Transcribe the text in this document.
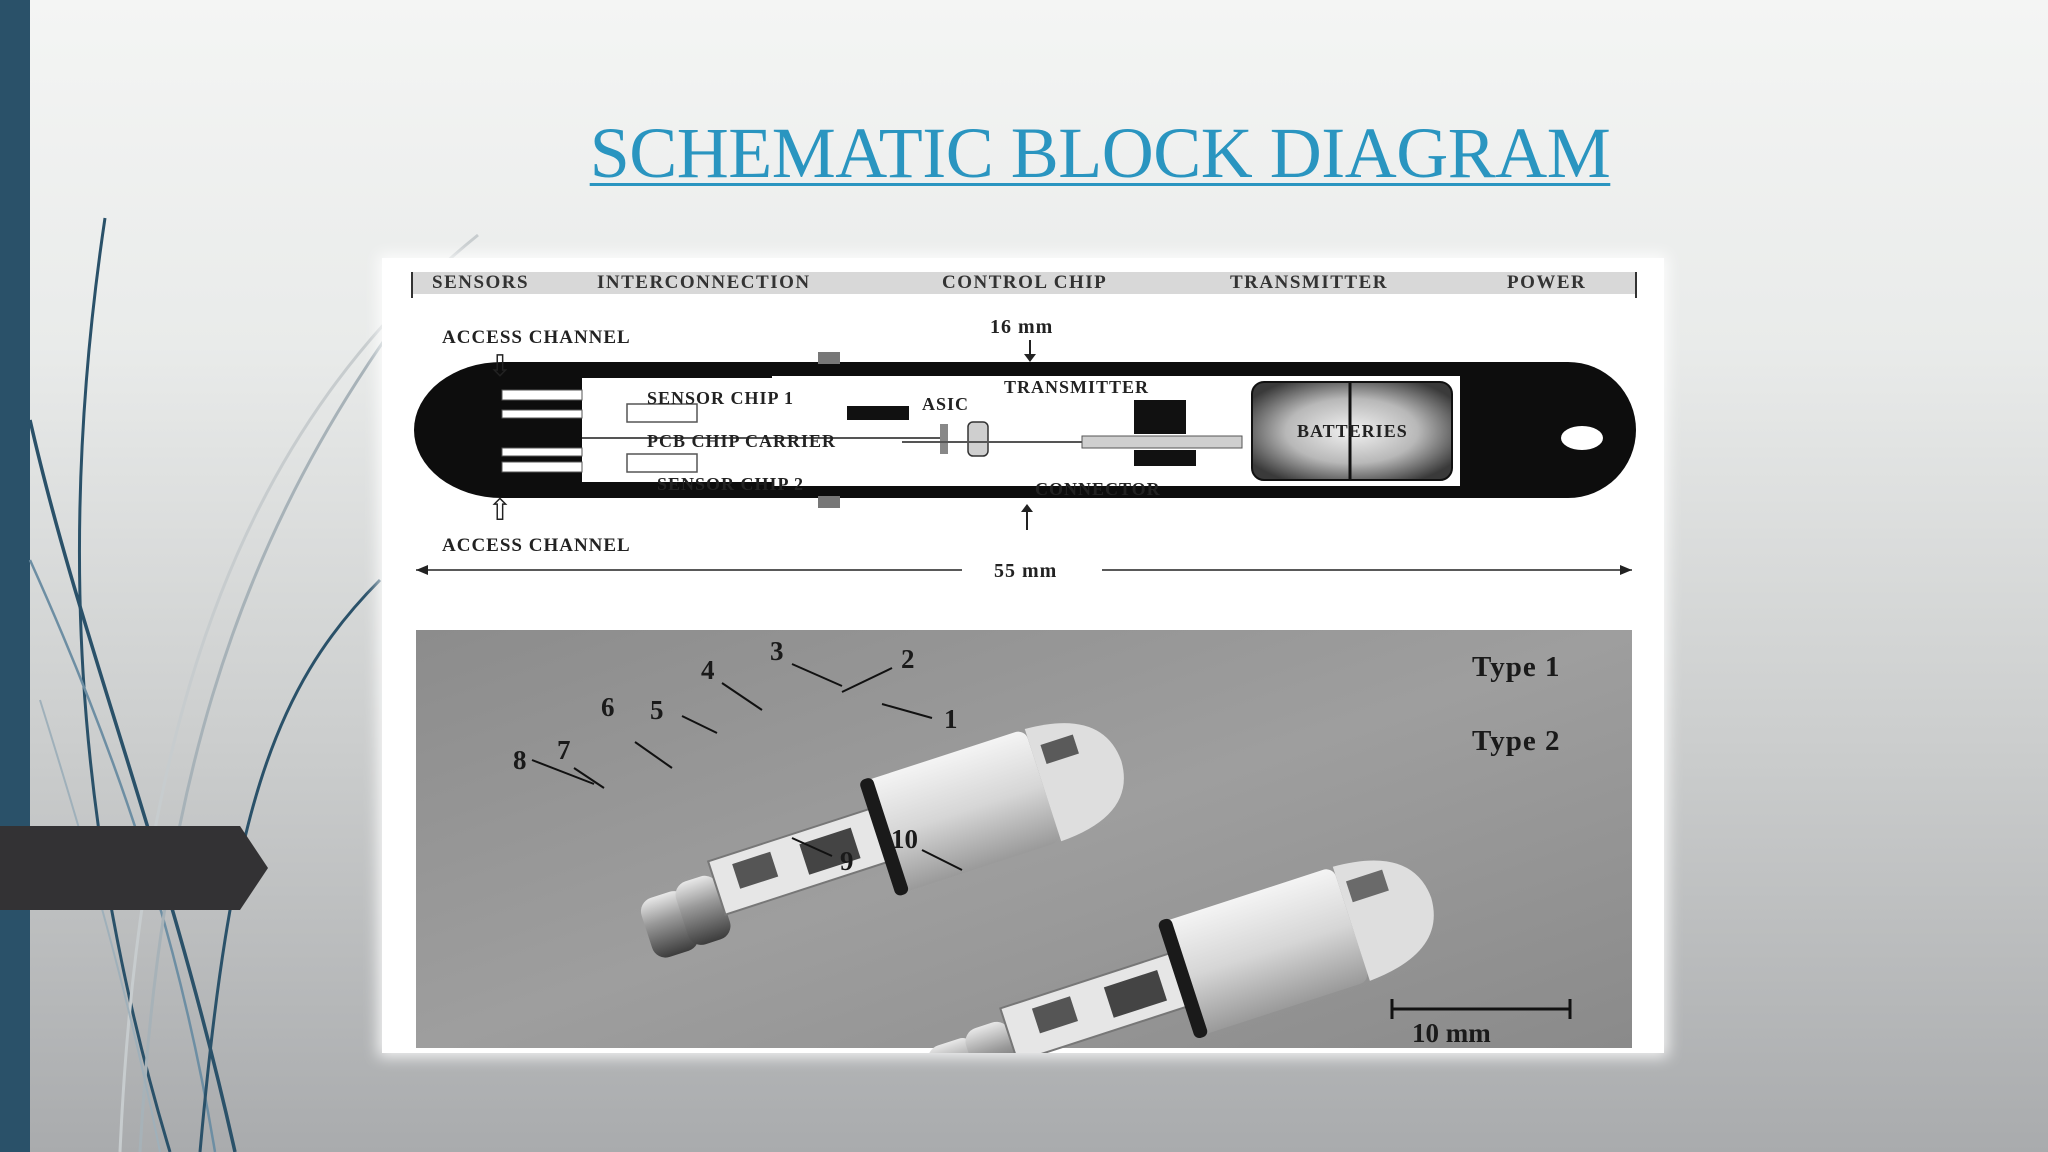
SCHEMATIC BLOCK DIAGRAM
SENSORS	INTERCONNECTION	CONTROL CHIP	TRANSMITTER	POWER
ACCESS CHANNEL
⇩
⇧
ACCESS CHANNEL
16 mm
SENSOR CHIP 1
PCB CHIP CARRIER
SENSOR CHIP 2
ASIC
TRANSMITTER
CONNECTOR
BATTERIES
55 mm
2
1
3
4
5
6
7
8
9
10
Type 1
Type 2
10 mm
